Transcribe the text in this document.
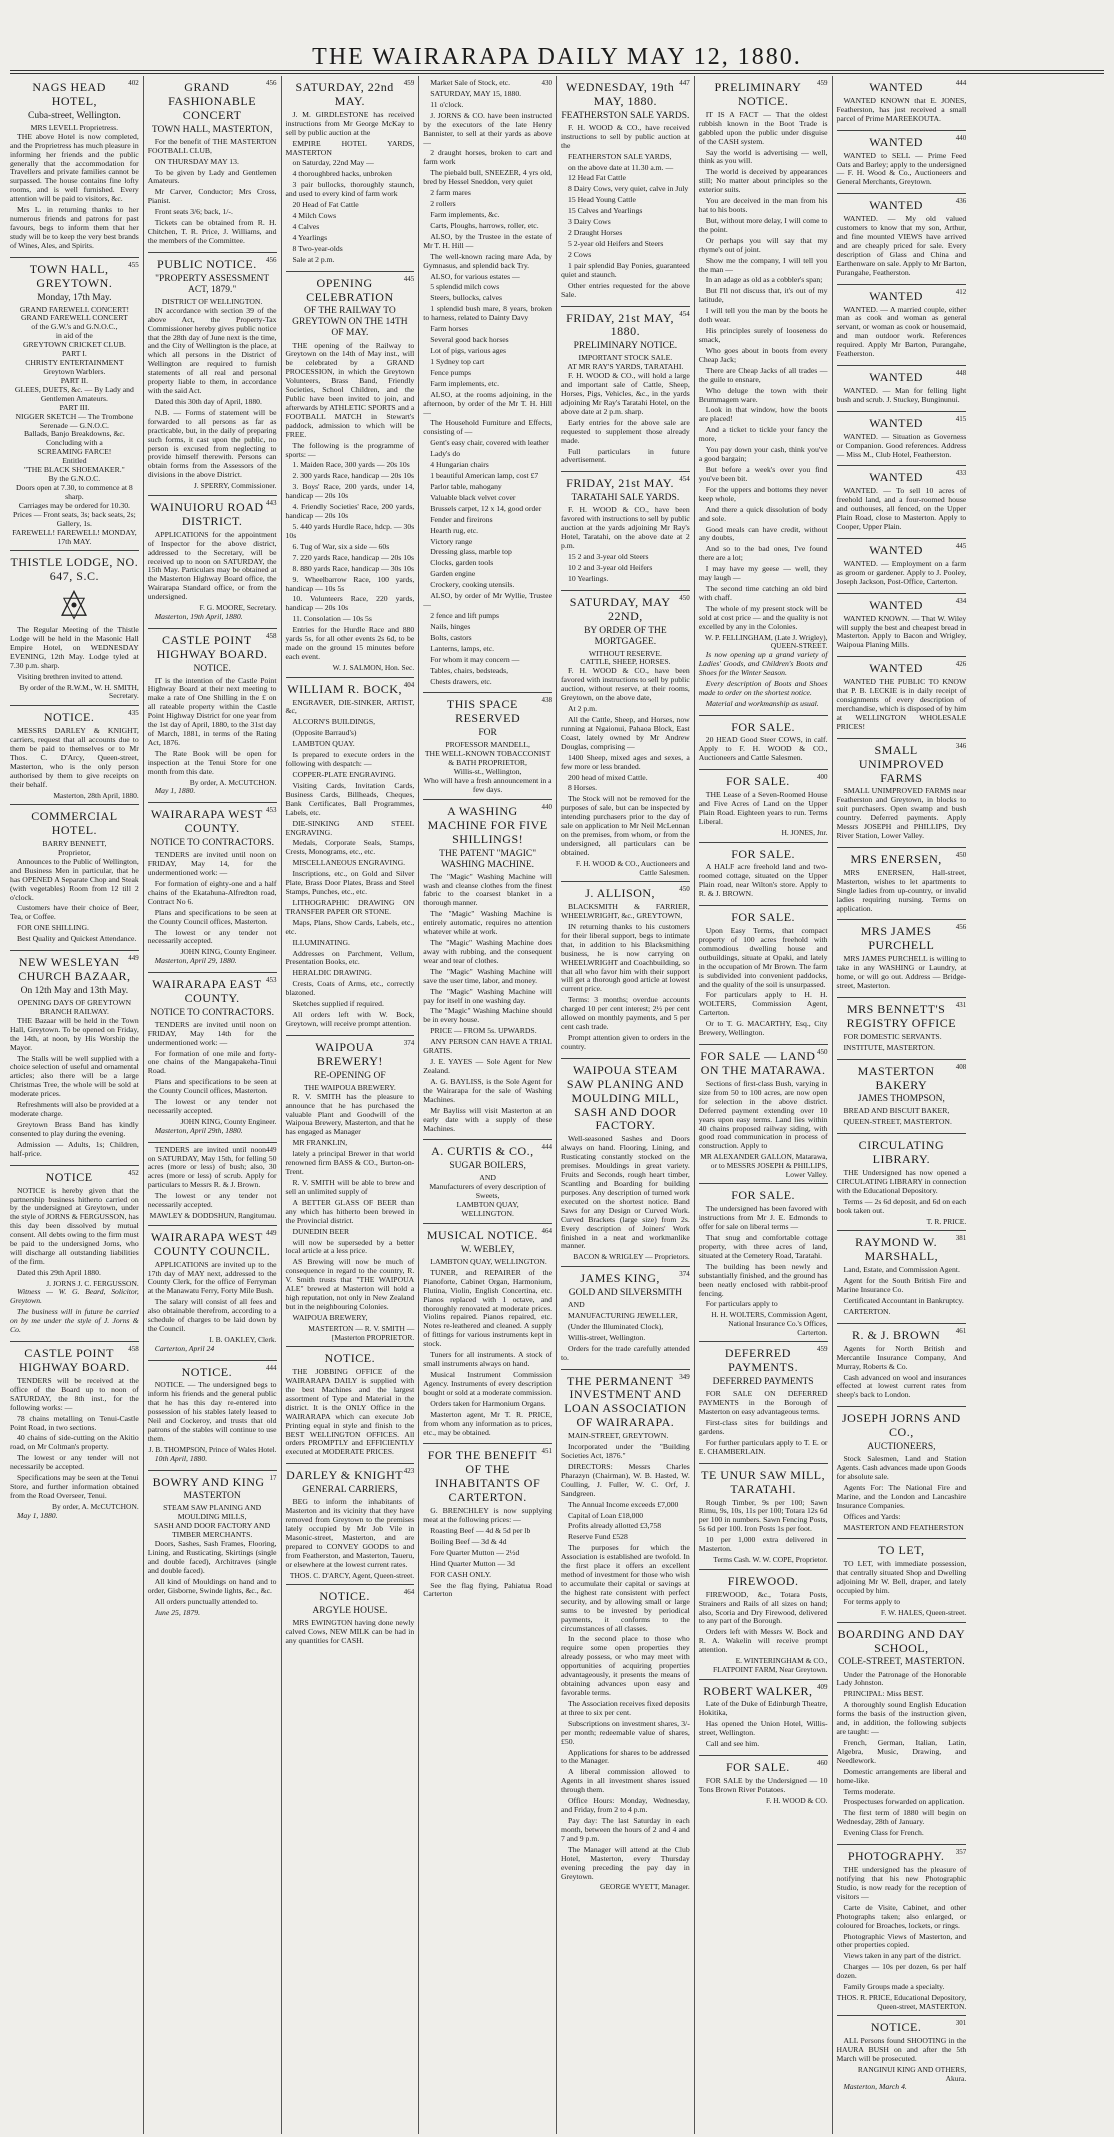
THE WAIRARAPA DAILY MAY 12, 1880.
402
NAGS HEAD HOTEL,
Cuba-street, Wellington.
MRS LEVELL Proprietress.

THE above Hotel is now completed, and the Proprietress has much pleasure in informing her friends and the public generally that the accommodation for Travellers and private families cannot be surpassed. The house contains fine lofty rooms, and is well furnished. Every attention will be paid to visitors, &c.

Mrs L. in returning thanks to her numerous friends and patrons for past favours, begs to inform them that her study will be to keep the very best brands of Wines, Ales, and Spirits.

455
TOWN HALL, GREYTOWN.
Monday, 17th May.
GRAND FAREWELL CONCERT!
GRAND FAREWELL CONCERT
of the G.W.'s and G.N.O.C.,
in aid of the
GREYTOWN CRICKET CLUB.
PART I.
CHRISTY ENTERTAINMENT
Greytown Warblers.
PART II.
GLEES, DUETS, &c. — By Lady and Gentlemen Amateurs.
PART III.
NIGGER SKETCH — The Trombone Serenade — G.N.O.C.
Ballads, Banjo Breakdowns, &c.
Concluding with a
SCREAMING FARCE!
Entitled
"THE BLACK SHOEMAKER."
By the G.N.O.C.
Doors open at 7.30, to commence at 8 sharp.
Carriages may be ordered for 10.30.
Prices — Front seats, 3s; back seats, 2s; Gallery, 1s.
FAREWELL! FAREWELL! MONDAY, 17th MAY.
THISTLE LODGE, NO. 647, S.C.

The Regular Meeting of the Thistle Lodge will be held in the Masonic Hall Empire Hotel, on WEDNESDAY EVENING, 12th May. Lodge tyled at 7.30 p.m. sharp.

Visiting brethren invited to attend.

By order of the R.W.M., W. H. SMITH, Secretary.
435
NOTICE.

MESSRS DARLEY & KNIGHT, carriers, request that all accounts due to them be paid to themselves or to Mr Thos. C. D'Arcy, Queen-street, Masterton, who is the only person authorised by them to give receipts on their behalf.

Masterton, 28th April, 1880.
COMMERCIAL HOTEL.
BARRY BENNETT,
Proprietor,

Announces to the Public of Wellington, and Business Men in particular, that he has OPENED A Separate Chop and Steak (with vegetables) Room from 12 till 2 o'clock.

Customers have their choice of Beer, Tea, or Coffee.

FOR ONE SHILLING.

Best Quality and Quickest Attendance.

449
NEW WESLEYAN CHURCH BAZAAR,
On 12th May and 13th May.
OPENING DAYS OF GREYTOWN BRANCH RAILWAY.

THE Bazaar will be held in the Town Hall, Greytown. To be opened on Friday, the 14th, at noon, by His Worship the Mayor.

The Stalls will be well supplied with a choice selection of useful and ornamental articles; also there will be a large Christmas Tree, the whole will be sold at moderate prices.

Refreshments will also be provided at a moderate charge.

Greytown Brass Band has kindly consented to play during the evening.

Admission — Adults, 1s; Children, half-price.

452
NOTICE

NOTICE is hereby given that the partnership business hitherto carried on by the undersigned at Greytown, under the style of JORNS & FERGUSSON, has this day been dissolved by mutual consent. All debts owing to the firm must be paid to the undersigned Jorns, who will discharge all outstanding liabilities of the firm.

Dated this 29th April 1880.

J. JORNS J. C. FERGUSSON.

Witness — W. G. Beard, Solicitor, Greytown.

The business will in future be carried on by me under the style of J. Jorns & Co.

458
CASTLE POINT HIGHWAY BOARD.

TENDERS will be received at the office of the Board up to noon of SATURDAY, the 8th inst., for the following works: —

78 chains metalling on Tenui-Castle Point Road, in two sections.

40 chains of side-cutting on the Akitio road, on Mr Coltman's property.

The lowest or any tender will not necessarily be accepted.

Specifications may be seen at the Tenui Store, and further information obtained from the Road Overseer, Tenui.

By order, A. McCUTCHON.

May 1, 1880.

456
GRAND FASHIONABLE CONCERT
TOWN HALL, MASTERTON,

For the benefit of THE MASTERTON FOOTBALL CLUB,

ON THURSDAY MAY 13.

To be given by Lady and Gentlemen Amateurs.

Mr Carver, Conductor; Mrs Cross, Pianist.

Front seats 3/6; back, 1/-.

Tickets can be obtained from R. H. Chitchen, T. R. Price, J. Williams, and the members of the Committee.

456
PUBLIC NOTICE.
"PROPERTY ASSESSMENT ACT, 1879."
DISTRICT OF WELLINGTON.

IN accordance with section 39 of the above Act, the Property-Tax Commissioner hereby gives public notice that the 28th day of June next is the time, and the City of Wellington is the place, at which all persons in the District of Wellington are required to furnish statements of all real and personal property liable to them, in accordance with the said Act.

Dated this 30th day of April, 1880.

N.B. — Forms of statement will be forwarded to all persons as far as practicable, but, in the daily of preparing such forms, it cast upon the public, no person is excused from neglecting to provide himself therewith. Persons can obtain forms from the Assessors of the divisions in the above District.

J. SPERRY, Commissioner.
443
WAINUIORU ROAD DISTRICT.

APPLICATIONS for the appointment of Inspector for the above district, addressed to the Secretary, will be received up to noon on SATURDAY, the 15th May. Particulars may be obtained at the Masterton Highway Board office, the Wairarapa Standard office, or from the undersigned.

F. G. MOORE, Secretary.

Masterton, 19th April, 1880.

458
CASTLE POINT HIGHWAY BOARD.
NOTICE.

IT is the intention of the Castle Point Highway Board at their next meeting to make a rate of One Shilling in the £ on all rateable property within the Castle Point Highway District for one year from the 1st day of April, 1880, to the 31st day of March, 1881, in terms of the Rating Act, 1876.

The Rate Book will be open for inspection at the Tenui Store for one month from this date.

By order, A. McCUTCHON.

May 1, 1880.

453
WAIRARAPA WEST COUNTY.
NOTICE TO CONTRACTORS.

TENDERS are invited until noon on FRIDAY, May 14, for the undermentioned work: —

For formation of eighty-one and a half chains of the Ekatahuna-Alfredton road, Contract No 6.

Plans and specifications to be seen at the County Council offices, Masterton.

The lowest or any tender not necessarily accepted.

JOHN KING, County Engineer.

Masterton, April 29, 1880.

453
WAIRARAPA EAST COUNTY.
NOTICE TO CONTRACTORS.

TENDERS are invited until noon on FRIDAY, May 14th for the undermentioned work: —

For formation of one mile and forty-one chains of the Mangapakeha-Tinui Road.

Plans and specifications to be seen at the County Council offices, Masterton.

The lowest or any tender not necessarily accepted.

JOHN KING, County Engineer.

Masterton, April 29th, 1880.

449

TENDERS are invited until noon on SATURDAY, May 15th, for felling 50 acres (more or less) of bush; also, 30 acres (more or less) of scrub. Apply for particulars to Messrs R. & J. Brown.

The lowest or any tender not necessarily accepted.

MAWLEY & DODDSHUN, Rangitumau.
449
WAIRARAPA WEST COUNTY COUNCIL.

APPLICATIONS are invited up to the 17th day of MAY next, addressed to the County Clerk, for the office of Ferryman at the Manawatu Ferry, Forty Mile Bush.

The salary will consist of all fees and also obtainable therefrom, according to a schedule of charges to be laid down by the Council.

I. B. OAKLEY, Clerk.

Carterton, April 24

444
NOTICE.

NOTICE. — The undersigned begs to inform his friends and the general public that he has this day re-entered into possession of his stables lately leased to Neil and Cockeroy, and trusts that old patrons of the stables will continue to use them.

J. B. THOMPSON, Prince of Wales Hotel.

10th April, 1880.

17
BOWRY AND KING
MASTERTON
STEAM SAW PLANING AND MOULDING MILLS,
SASH AND DOOR FACTORY AND TIMBER MERCHANTS.

Doors, Sashes, Sash Frames, Flooring, Lining, and Rusticating, Skirtings (single and double faced), Architraves (single and double faced).

All kind of Mouldings on hand and to order, Gisborne, Swinde lights, &c., &c.

All orders punctually attended to.

June 25, 1879.

459
SATURDAY, 22nd MAY.

J. M. GIRDLESTONE has received instructions from Mr George McKay to sell by public auction at the

EMPIRE HOTEL YARDS, MASTERTON

on Saturday, 22nd May —

4 thoroughbred hacks, unbroken

3 pair bullocks, thoroughly staunch, and used to every kind of farm work

20 Head of Fat Cattle

4 Milch Cows

4 Calves

4 Yearlings

8 Two-year-olds

Sale at 2 p.m.

445
OPENING CELEBRATION
OF THE RAILWAY TO GREYTOWN ON THE 14TH OF MAY.

THE opening of the Railway to Greytown on the 14th of May inst., will be celebrated by a GRAND PROCESSION, in which the Greytown Volunteers, Brass Band, Friendly Societies, School Children, and the Public have been invited to join, and afterwards by ATHLETIC SPORTS and a FOOTBALL MATCH in Stewart's paddock, admission to which will be FREE.

The following is the programme of sports: —

1. Maiden Race, 300 yards — 20s 10s

2. 300 yards Race, handicap — 20s 10s

3. Boys' Race, 200 yards, under 14, handicap — 20s 10s

4. Friendly Societies' Race, 200 yards, handicap — 20s 10s

5. 440 yards Hurdle Race, hdcp. — 30s 10s

6. Tug of War, six a side — 60s

7. 220 yards Race, handicap — 20s 10s

8. 880 yards Race, handicap — 30s 10s

9. Wheelbarrow Race, 100 yards, handicap — 10s 5s

10. Volunteers Race, 220 yards, handicap — 20s 10s

11. Consolation — 10s 5s

Entries for the Hurdle Race and 880 yards 5s, for all other events 2s 6d, to be made on the ground 15 minutes before each event.

W. J. SALMON, Hon. Sec.
404
WILLIAM R. BOCK,

ENGRAVER, DIE-SINKER, ARTIST, &c,

ALCORN'S BUILDINGS,

(Opposite Barraud's)

LAMBTON QUAY.

Is prepared to execute orders in the following with despatch: —

COPPER-PLATE ENGRAVING.

Visiting Cards, Invitation Cards, Business Cards, Billheads, Cheques, Bank Certificates, Ball Programmes, Labels, etc.

DIE-SINKING AND STEEL ENGRAVING.

Medals, Corporate Seals, Stamps, Crests, Monograms, etc., etc.

MISCELLANEOUS ENGRAVING.

Inscriptions, etc., on Gold and Silver Plate, Brass Door Plates, Brass and Steel Stamps, Punches, etc., etc.

LITHOGRAPHIC DRAWING ON TRANSFER PAPER OR STONE.

Maps, Plans, Show Cards, Labels, etc., etc.

ILLUMINATING.

Addresses on Parchment, Vellum, Presentation Books, etc.

HERALDIC DRAWING.

Crests, Coats of Arms, etc., correctly blazoned.

Sketches supplied if required.

All orders left with W. Bock, Greytown, will receive prompt attention.

374
WAIPOUA BREWERY!
RE-OPENING OF
THE WAIPOUA BREWERY.

R. V. SMITH has the pleasure to announce that he has purchased the valuable Plant and Goodwill of the Waipoua Brewery, Masterton, and that he has engaged as Manager

MR FRANKLIN,

lately a principal Brewer in that world renowned firm BASS & CO., Burton-on-Trent.

R. V. SMITH will be able to brew and sell an unlimited supply of

A BETTER GLASS OF BEER than any which has hitherto been brewed in the Provincial district.

DUNEDIN BEER

will now be superseded by a better local article at a less price.

AS Brewing will now be much of consequence in regard to the country, R. V. Smith trusts that "THE WAIPOUA ALE" brewed at Masterton will hold a high reputation, not only in New Zealand but in the neighbouring Colonies.

WAIPOUA BREWERY,

MASTERTON — R. V. SMITH — [Masterton PROPRIETOR.
NOTICE.

THE JOBBING OFFICE of the WAIRARAPA DAILY is supplied with the best Machines and the largest assortment of Type and Material in the district. It is the ONLY Office in the WAIRARAPA which can execute Job Printing equal in style and finish to the BEST WELLINGTON OFFICES. All orders PROMPTLY and EFFICIENTLY executed at MODERATE PRICES.

423
DARLEY & KNIGHT
GENERAL CARRIERS,

BEG to inform the inhabitants of Masterton and its vicinity that they have removed from Greytown to the premises lately occupied by Mr Job Vile in Masonic-street, Masterton, and are prepared to CONVEY GOODS to and from Featherston, and Masterton, Taueru, or elsewhere at the lowest current rates.

THOS. C. D'ARCY, Agent, Queen-street.
464
NOTICE.
ARGYLE HOUSE.

MRS EWINGTON having done newly calved Cows, NEW MILK can be had in any quantities for CASH.

430

Market Sale of Stock, etc.

SATURDAY, MAY 15, 1880.

11 o'clock.

J. JORNS & CO. have been instructed by the executors of the late Henry Bannister, to sell at their yards as above —

2 draught horses, broken to cart and farm work

The piebald bull, SNEEZER, 4 yrs old, bred by Hessel Sneddon, very quiet

2 farm mares

2 rollers

Farm implements, &c.

Carts, Ploughs, harrows, roller, etc.

ALSO, by the Trustee in the estate of Mr T. H. Hill —

The well-known racing mare Ada, by Gymnasus, and splendid back Try.

ALSO, for various estates —

5 splendid milch cows

Steers, bullocks, calves

1 splendid bush mare, 8 years, broken to harness, related to Dainty Davy

Farm horses

Several good back horses

Lot of pigs, various ages

1 Sydney top cart

Fence pumps

Farm implements, etc.

ALSO, at the rooms adjoining, in the afternoon, by order of the Mr T. H. Hill —

The Household Furniture and Effects, consisting of —

Gent's easy chair, covered with leather

Lady's do

4 Hungarian chairs

1 beautiful American lamp, cost £7

Parlor table, mahogany

Valuable black velvet cover

Brussels carpet, 12 x 14, good order

Fender and fireirons

Hearth rug, etc.

Victory range

Dressing glass, marble top

Clocks, garden tools

Garden engine

Crockery, cooking utensils.

ALSO, by order of Mr Wyllie, Trustee —

2 fence and lift pumps

Nails, hinges

Bolts, castors

Lanterns, lamps, etc.

For whom it may concern —

Tables, chairs, bedsteads,

Chests drawers, etc.

438
THIS SPACE RESERVED
FOR
PROFESSOR MANDELL,
THE WELL-KNOWN TOBACCONIST & BATH PROPRIETOR,
Willis-st., Wellington,
Who will have a fresh announcement in a few days.
440
A WASHING MACHINE FOR FIVE SHILLINGS!
THE PATENT "MAGIC" WASHING MACHINE.

The "Magic" Washing Machine will wash and cleanse clothes from the finest fabric to the coarsest blanket in a thorough manner.

The "Magic" Washing Machine is entirely automatic, requires no attention whatever while at work.

The "Magic" Washing Machine does away with rubbing, and the consequent wear and tear of clothes.

The "Magic" Washing Machine will save the user time, labor, and money.

The "Magic" Washing Machine will pay for itself in one washing day.

The "Magic" Washing Machine should be in every house.

PRICE — FROM 5s. UPWARDS.

ANY PERSON CAN HAVE A TRIAL GRATIS.

J. E. YAYES — Sole Agent for New Zealand.

A. G. BAYLISS, is the Sole Agent for the Wairarapa for the sale of Washing Machines.

Mr Bayliss will visit Masterton at an early date with a supply of these Machines.

444
A. CURTIS & CO.,
SUGAR BOILERS,
AND
Manufacturers of every description of Sweets,
LAMBTON QUAY,
WELLINGTON.
464
MUSICAL NOTICE.
W. WEBLEY,

LAMBTON QUAY, WELLINGTON.

TUNER, and REPAIRER of the Pianoforte, Cabinet Organ, Harmonium, Flutina, Violin, English Concertina, etc. Pianos replaced with 1 octave, and thoroughly renovated at moderate prices. Violins repaired. Pianos repaired, etc. Notes re-leathered and cleaned. A supply of fittings for various instruments kept in stock.

Tuners for all instruments. A stock of small instruments always on hand.

Musical Instrument Commission Agency. Instruments of every description bought or sold at a moderate commission.

Orders taken for Harmonium Organs.

Masterton agent, Mr T. R. PRICE, from whom any information as to prices, etc., may be obtained.

451
FOR THE BENEFIT OF THE INHABITANTS OF CARTERTON.

G. BRENCHLEY is now supplying meat at the following prices: —

Roasting Beef — 4d & 5d per lb

Boiling Beef — 3d & 4d

Fore Quarter Mutton — 2½d

Hind Quarter Mutton — 3d

FOR CASH ONLY.

See the flag flying, Pahiatua Road Carterton

447
WEDNESDAY, 19th MAY, 1880.
FEATHERSTON SALE YARDS.

F. H. WOOD & CO., have received instructions to sell by public auction at the

FEATHERSTON SALE YARDS,

on the above date at 11.30 a.m. —

12 Head Fat Cattle

8 Dairy Cows, very quiet, calve in July

15 Head Young Cattle

15 Calves and Yearlings

3 Dairy Cows

2 Draught Horses

5 2-year old Heifers and Steers

2 Cows

1 pair splendid Bay Ponies, guaranteed quiet and staunch.

Other entries requested for the above Sale.

454
FRIDAY, 21st MAY, 1880.
PRELIMINARY NOTICE.
IMPORTANT STOCK SALE.
AT MR RAY'S YARDS, TARATAHI.

F. H. WOOD & CO., will hold a large and important sale of Cattle, Sheep, Horses, Pigs, Vehicles, &c., in the yards adjoining Mr Ray's Taratahi Hotel, on the above date at 2 p.m. sharp.

Early entries for the above sale are requested to supplement those already made.

Full particulars in future advertisement.

454
FRIDAY, 21st MAY.
TARATAHI SALE YARDS.

F. H. WOOD & CO., have been favored with instructions to sell by public auction at the yards adjoining Mr Ray's Hotel, Taratahi, on the above date at 2 p.m.

15 2 and 3-year old Steers

10 2 and 3-year old Heifers

10 Yearlings.

450
SATURDAY, MAY 22ND,
BY ORDER OF THE MORTGAGEE.
WITHOUT RESERVE.
CATTLE, SHEEP, HORSES.

F. H. WOOD & CO., have been favored with instructions to sell by public auction, without reserve, at their rooms, Greytown, on the above date,

At 2 p.m.

All the Cattle, Sheep, and Horses, now running at Ngaionui, Pahaoa Block, East Coast, lately owned by Mr Andrew Douglas, comprising —

1400 Sheep, mixed ages and sexes, a few more or less branded.

200 head of mixed Cattle.

8 Horses.

The Stock will not be removed for the purposes of sale, but can be inspected by intending purchasers prior to the day of sale on application to Mr Neil McLennan on the premises, from whom, or from the undersigned, all particulars can be obtained.

F. H. WOOD & CO., Auctioneers and Cattle Salesmen.
450
J. ALLISON,

BLACKSMITH & FARRIER, WHEELWRIGHT, &c., GREYTOWN,

IN returning thanks to his customers for their liberal support, begs to intimate that, in addition to his Blacksmithing business, he is now carrying on WHEELWRIGHT and Coachbuilding, so that all who favor him with their support will get a thorough good article at lowest current price.

Terms: 3 months; overdue accounts charged 10 per cent interest; 2½ per cent allowed on monthly payments, and 5 per cent cash trade.

Prompt attention given to orders in the country.

WAIPOUA STEAM SAW PLANING AND MOULDING MILL, SASH AND DOOR FACTORY.

Well-seasoned Sashes and Doors always on hand. Flooring, Lining, and Rusticating constantly stocked on the premises. Mouldings in great variety. Fruits and Seconds, rough heart timber, Scantling and Boarding for building purposes. Any description of turned work executed on the shortest notice. Band Saws for any Design or Curved Work. Curved Brackets (large size) from 2s. Every description of Joiners' Work finished in a neat and workmanlike manner.

BACON & WRIGLEY — Proprietors.
374
JAMES KING,
GOLD AND SILVERSMITH

AND

MANUFACTURING JEWELLER,

(Under the Illuminated Clock),

Willis-street, Wellington.

Orders for the trade carefully attended to.

349
THE PERMANENT INVESTMENT AND LOAN ASSOCIATION OF WAIRARAPA.

MAIN-STREET, GREYTOWN.

Incorporated under the "Building Societies Act, 1876."

DIRECTORS: Messrs Charles Pharazyn (Chairman), W. B. Hasted, W. Coulling, J. Fuller, W. C. Orf, J. Sandgreen.

The Annual Income exceeds £7,000

Capital of Loan £18,000

Profits already allotted £3,758

Reserve Fund £528

The purposes for which the Association is established are twofold. In the first place it offers an excellent method of investment for those who wish to accumulate their capital or savings at the highest rate consistent with perfect security, and by allowing small or large sums to be invested by periodical payments, it conforms to the circumstances of all classes.

In the second place to those who require some open properties they already possess, or who may meet with opportunities of acquiring properties advantageously, it presents the means of obtaining advances upon easy and favorable terms.

The Association receives fixed deposits at three to six per cent.

Subscriptions on investment shares, 3/- per month; redeemable value of shares, £50.

Applications for shares to be addressed to the Manager.

A liberal commission allowed to Agents in all investment shares issued through them.

Office Hours: Monday, Wednesday, and Friday, from 2 to 4 p.m.

Pay day: The last Saturday in each month, between the hours of 2 and 4 and 7 and 9 p.m.

The Manager will attend at the Club Hotel, Masterton, every Thursday evening preceding the pay day in Greytown.

GEORGE WYETT, Manager.
459
PRELIMINARY NOTICE.

IT IS A FACT — That the oldest rubbish known in the Boot Trade is gabbled upon the public under disguise of the CASH system.

Say the world is advertising — well, think as you will.

The world is deceived by appearances still; No matter about principles so the exterior suits.

You are deceived in the man from his hat to his boots.

But, without more delay, I will come to the point.

Or perhaps you will say that my rhyme's out of joint.

Show me the company, I will tell you the man —

In an adage as old as a cobbler's span;

But I'll not discuss that, it's out of my latitude,

I will tell you the man by the boots he doth wear.

His principles surely of looseness do smack,

Who goes about in boots from every Cheap Jack;

There are Cheap Jacks of all trades — the guile to ensnare,

Who deluge the town with their Brummagem ware.

Look in that window, how the boots are placed!

And a ticket to tickle your fancy the more,

You pay down your cash, think you've a good bargain;

But before a week's over you find you've been bit.

For the uppers and bottoms they never keep whole,

And there a quick dissolution of body and sole.

Good meals can have credit, without any doubts,

And so to the bad ones, I've found there are a lot;

I may have my geese — well, they may laugh —

The second time catching an old bird with chaff.

The whole of my present stock will be sold at cost price — and the quality is not excelled by any in the Colonies.

W. P. FELLINGHAM, (Late J. Wrigley), QUEEN-STREET.

Is now opening up a grand variety of Ladies' Goods, and Children's Boots and Shoes for the Winter Season.

Every description of Boots and Shoes made to order on the shortest notice.

Material and workmanship as usual.

FOR SALE.

20 HEAD Good Steer COWS, in calf. Apply to F. H. WOOD & CO., Auctioneers and Cattle Salesmen.

400
FOR SALE.

THE Lease of a Seven-Roomed House and Five Acres of Land on the Upper Plain Road. Eighteen years to run. Terms Liberal.

H. JONES, Jnr.
FOR SALE.

A HALF acre freehold land and two-roomed cottage, situated on the Upper Plain road, near Wilton's store. Apply to R. & J. BROWN.

FOR SALE.

Upon Easy Terms, that compact property of 100 acres freehold with commodious dwelling house and outbuildings, situate at Opaki, and lately in the occupation of Mr Brown. The farm is subdivided into convenient paddocks, and the quality of the soil is unsurpassed.

For particulars apply to H. H. WOLTERS, Commission Agent, Carterton.

Or to T. G. MACARTHY, Esq., City Brewery, Wellington.

450
FOR SALE — LAND ON THE MATARAWA.

Sections of first-class Bush, varying in size from 50 to 100 acres, are now open for selection in the above district. Deferred payment extending over 10 years upon easy terms. Land lies within 40 chains proposed railway siding, with good road communication in process of construction. Apply to

MR ALEXANDER GALLON, Matarawa, or to MESSRS JOSEPH & PHILLIPS, Lower Valley.
FOR SALE.

The undersigned has been favored with instructions from Mr J. E. Edmonds to offer for sale on liberal terms —

That snug and comfortable cottage property, with three acres of land, situated at the Cemetery Road, Taratahi.

The building has been newly and substantially finished, and the ground has been neatly enclosed with rabbit-proof fencing.

For particulars apply to

H. H. WOLTERS, Commission Agent, National Insurance Co.'s Offices, Carterton.
459
DEFERRED PAYMENTS.
DEFERRED PAYMENTS

FOR SALE ON DEFERRED PAYMENTS in the Borough of Masterton on easy advantageous terms.

First-class sites for buildings and gardens.

For further particulars apply to T. E. or E. CHAMBERLAIN.

TE UNUR SAW MILL, TARATAHI.

Rough Timber, 9s per 100; Sawn Rimu, 9s, 10s, 11s per 100; Totara 12s 6d per 100 in numbers. Sawn Fencing Posts, 5s 6d per 100. Iron Posts 1s per foot.

10 per 1,000 extra delivered in Masterton.

Terms Cash. W. W. COPE, Proprietor.
FIREWOOD.

FIREWOOD, &c., Totara Posts, Strainers and Rails of all sizes on hand; also, Scoria and Dry Firewood, delivered to any part of the Borough.

Orders left with Messrs W. Bock and R. A. Wakelin will receive prompt attention.

E. WINTERINGHAM & CO., FLATPOINT FARM, Near Greytown.
409
ROBERT WALKER,

Late of the Duke of Edinburgh Theatre, Hokitika,

Has opened the Union Hotel, Willis-street, Wellington.

Call and see him.

460
FOR SALE.

FOR SALE by the Undersigned — 10 Tons Brown River Potatoes.

F. H. WOOD & CO.
444
WANTED

WANTED KNOWN that E. JONES, Featherston, has just received a small parcel of Prime MAREEKOUTA.

440
WANTED

WANTED to SELL — Prime Feed Oats and Barley; apply to the undersigned — F. H. Wood & Co., Auctioneers and General Merchants, Greytown.

436
WANTED

WANTED. — My old valued customers to know that my son, Arthur, and fine mounted VIEWS have arrived and are cheaply priced for sale. Every description of Glass and China and Earthenware on sale. Apply to Mr Barton, Purangahe, Featherston.

412
WANTED

WANTED. — A married couple, either man as cook and woman as general servant, or woman as cook or housemaid, and man outdoor work. References required. Apply Mr Barton, Purangahe, Featherston.

448
WANTED

WANTED. — Man for felling light bush and scrub. J. Stuckey, Bunginunui.

415
WANTED

WANTED. — Situation as Governess or Companion. Good references. Address — Miss M., Club Hotel, Featherston.

433
WANTED

WANTED. — To sell 10 acres of freehold land, and a four-roomed house and outhouses, all fenced, on the Upper Plain Road, close to Masterton. Apply to Cooper, Upper Plain.

445
WANTED

WANTED. — Employment on a farm as groom or gardener. Apply to J. Pooley, Joseph Jackson, Post-Office, Carterton.

434
WANTED

WANTED KNOWN. — That W. Wiley will supply the best and cheapest bread in Masterton. Apply to Bacon and Wrigley, Waipoua Planing Mills.

426
WANTED

WANTED THE PUBLIC TO KNOW that P. B. LECKIE is in daily receipt of consignments of every description of merchandise, which is disposed of by him at WELLINGTON WHOLESALE PRICES!

346
SMALL UNIMPROVED FARMS

SMALL UNIMPROVED FARMS near Featherston and Greytown, in blocks to suit purchasers. Open swamp and bush country. Deferred payments. Apply Messrs JOSEPH and PHILLIPS, Dry River Station, Lower Valley.

450
MRS ENERSEN,

MRS ENERSEN, Hall-street, Masterton, wishes to let apartments to Single ladies from up-country, or invalid ladies requiring nursing. Terms on application.

456
MRS JAMES PURCHELL

MRS JAMES PURCHELL is willing to take in any WASHING or Laundry, at home, or will go out. Address — Bridge-street, Masterton.

431
MRS BENNETT'S REGISTRY OFFICE

FOR DOMESTIC SERVANTS.

INSTITUTE, MASTERTON.

408
MASTERTON BAKERY
JAMES THOMPSON,

BREAD AND BISCUIT BAKER,

QUEEN-STREET, MASTERTON.

CIRCULATING LIBRARY.

THE Undersigned has now opened a CIRCULATING LIBRARY in connection with the Educational Depository.

Terms — 2s 6d deposit, and 6d on each book taken out.

T. R. PRICE.
381
RAYMOND W. MARSHALL,

Land, Estate, and Commission Agent.

Agent for the South British Fire and Marine Insurance Co.

Certificated Accountant in Bankruptcy.

CARTERTON.

461
R. & J. BROWN

Agents for North British and Mercantile Insurance Company, And Murray, Roberts & Co.

Cash advanced on wool and insurances effected at lowest current rates from sheep's back to London.

JOSEPH JORNS AND CO.,
AUCTIONEERS,

Stock Salesmen, Land and Station Agents. Cash advances made upon Goods for absolute sale.

Agents For: The National Fire and Marine, and the London and Lancashire Insurance Companies.

Offices and Yards:

MASTERTON AND FEATHERSTON

TO LET,

TO LET, with immediate possession, that centrally situated Shop and Dwelling adjoining Mr W. Bell, draper, and lately occupied by him.

For terms apply to

F. W. HALES, Queen-street.
BOARDING AND DAY SCHOOL,
COLE-STREET, MASTERTON.

Under the Patronage of the Honorable Lady Johnston.

PRINCIPAL: Miss BEST.

A thoroughly sound English Education forms the basis of the instruction given, and, in addition, the following subjects are taught: —

French, German, Italian, Latin, Algebra, Music, Drawing, and Needlework.

Domestic arrangements are liberal and home-like.

Terms moderate.

Prospectuses forwarded on application.

The first term of 1880 will begin on Wednesday, 28th of January.

Evening Class for French.

357
PHOTOGRAPHY.

THE undersigned has the pleasure of notifying that his new Photographic Studio, is now ready for the reception of visitors —

Carte de Visite, Cabinet, and other Photographs taken; also enlarged, or coloured for Broaches, lockets, or rings.

Photographic Views of Masterton, and other properties copied.

Views taken in any part of the district.

Charges — 10s per dozen, 6s per half dozen.

Family Groups made a specialty.

THOS. R. PRICE, Educational Depository, Queen-street, MASTERTON.
301
NOTICE.

ALL Persons found SHOOTING in the HAURA BUSH on and after the 5th March will be prosecuted.

RANGINUI KING AND OTHERS, Akura.

Masterton, March 4.
